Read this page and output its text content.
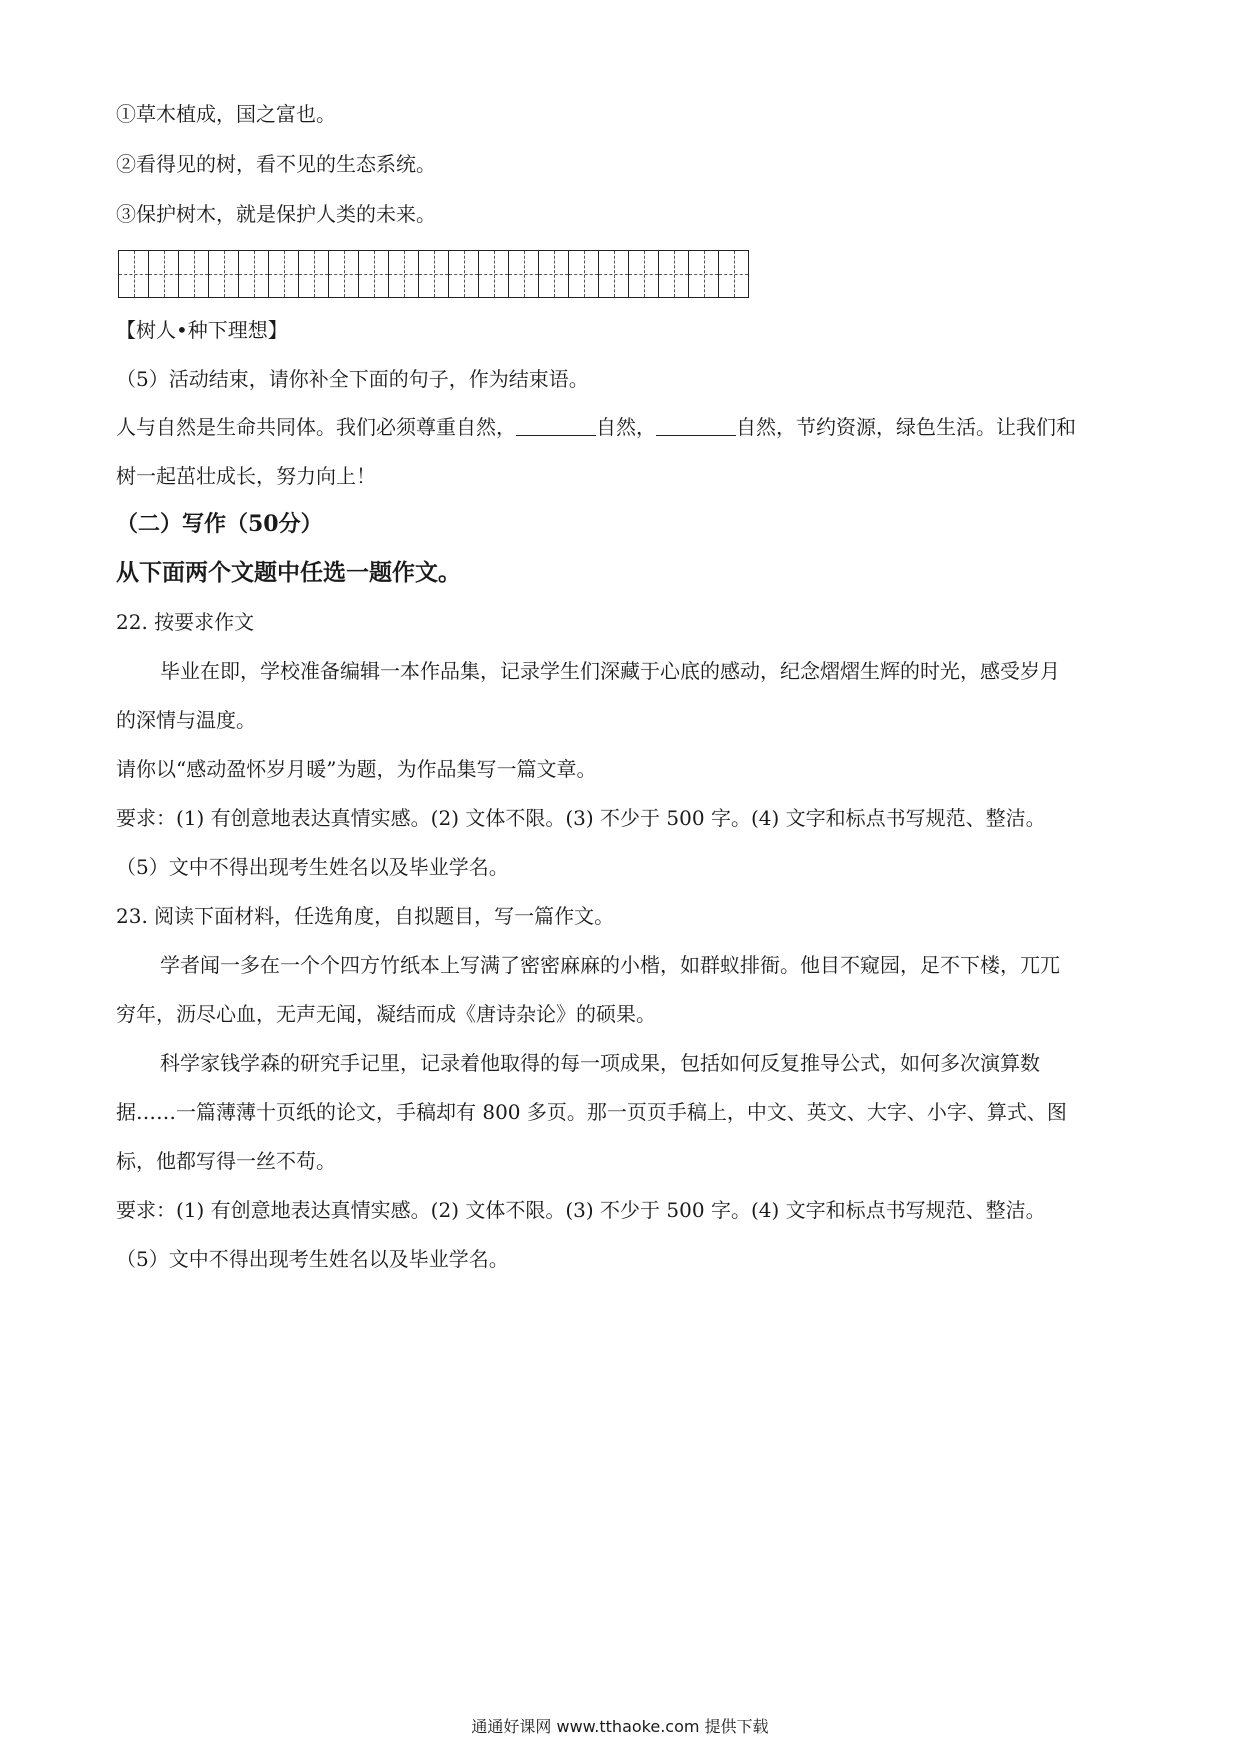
①草木植成，国之富也。
②看得见的树，看不见的生态系统。
③保护树木，就是保护人类的未来。
【树人•种下理想】
（5）活动结束，请你补全下面的句子，作为结束语。
人与自然是生命共同体。我们必须尊重自然，	自然，	自然，节约资源，绿色生活。让我们和
树一起茁壮成长，努力向上！
（二）写作（50分）
从下面两个文题中任选一题作文。
22. 按要求作文
毕业在即，学校准备编辑一本作品集，记录学生们深藏于心底的感动，纪念熠熠生辉的时光，感受岁月
的深情与温度。
请你以“感动盈怀岁月暖”为题，为作品集写一篇文章。
要求：(1) 有创意地表达真情实感。(2) 文体不限。(3) 不少于 500 字。(4) 文字和标点书写规范、整洁。
（5）文中不得出现考生姓名以及毕业学名。
23. 阅读下面材料，任选角度，自拟题目，写一篇作文。
学者闻一多在一个个四方竹纸本上写满了密密麻麻的小楷，如群蚁排衙。他目不窥园，足不下楼，兀兀
穷年，沥尽心血，无声无闻，凝结而成《唐诗杂论》的硕果。
科学家钱学森的研究手记里，记录着他取得的每一项成果，包括如何反复推导公式，如何多次演算数
据……一篇薄薄十页纸的论文，手稿却有 800 多页。那一页页手稿上，中文、英文、大字、小字、算式、图
标，他都写得一丝不苟。
要求：(1) 有创意地表达真情实感。(2) 文体不限。(3) 不少于 500 字。(4) 文字和标点书写规范、整洁。
（5）文中不得出现考生姓名以及毕业学名。
通通好课网 www.tthaoke.com 提供下载
